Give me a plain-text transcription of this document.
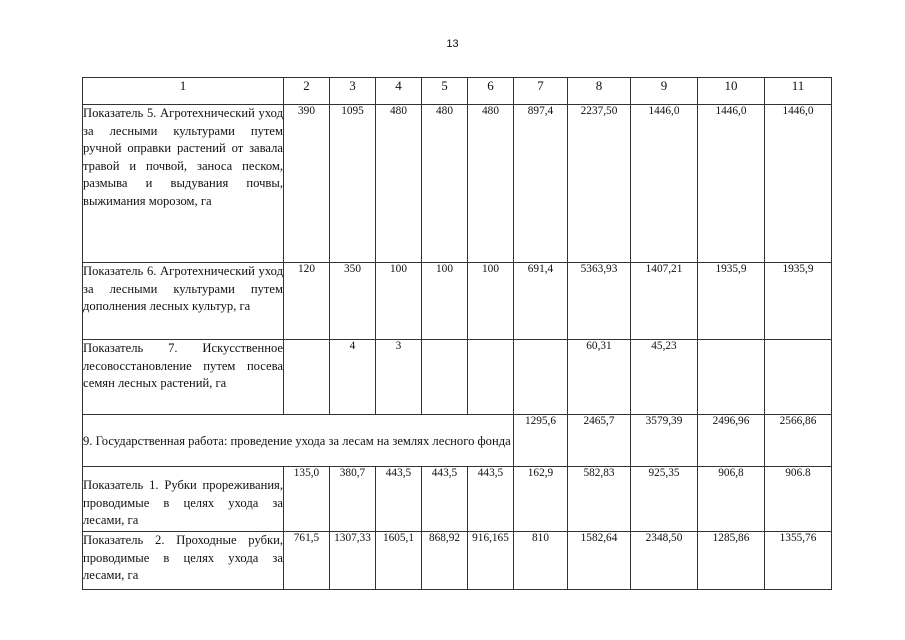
13
1	2	3	4	5	6	7	8	9	10	11
Показатель 5. Агротехнический уход за лесными культурами путем ручной оправки растений от завала травой и почвой, заноса песком, размыва и выдувания почвы, выжимания морозом, га	390	1095	480	480	480	897,4	2237,50	1446,0	1446,0	1446,0
Показатель 6. Агротехнический уход за лесными культурами путем дополнения лесных культур, га	120	350	100	100	100	691,4	5363,93	1407,21	1935,9	1935,9
Показатель 7. Искусственное лесовосстановление путем посева семян лесных растений, га		4	3				60,31	45,23		
9. Государственная работа: проведение ухода за лесам на землях лесного фонда						1295,6	2465,7	3579,39	2496,96	2566,86
Показатель 1. Рубки прореживания, проводимые в целях ухода за лесами, га	135,0	380,7	443,5	443,5	443,5	162,9	582,83	925,35	906,8	906.8
Показатель 2. Проходные рубки, проводимые в целях ухода за лесами, га	761,5	1307,33	1605,1	868,92	916,165	810	1582,64	2348,50	1285,86	1355,76
